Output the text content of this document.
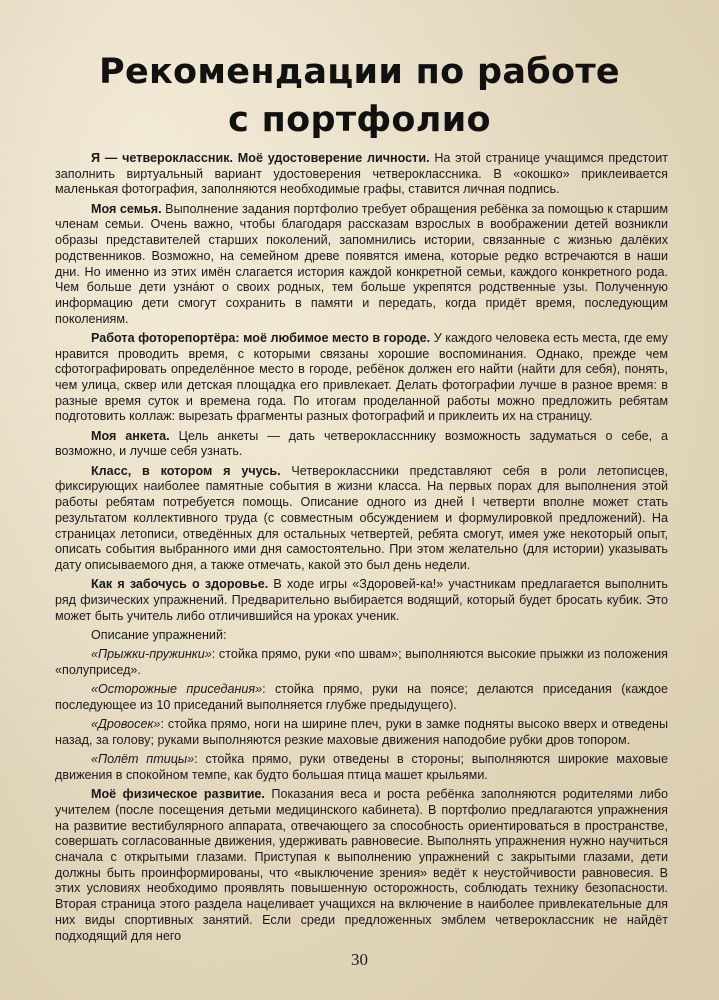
Рекомендации по работе
с портфолио

Я — четвероклассник. Моё удостоверение личности. На этой странице учащимся предстоит заполнить виртуальный вариант удостоверения четвероклассника. В «окошко» приклеивается маленькая фотография, заполняются необходимые графы, ставится личная подпись.

Моя семья. Выполнение задания портфолио требует обращения ребёнка за помощью к старшим членам семьи. Очень важно, чтобы благодаря рассказам взрослых в воображении детей возникли образы представителей старших поколений, запомнились истории, связанные с жизнью далёких родственников. Возможно, на семейном древе появятся имена, которые редко встречаются в наши дни. Но именно из этих имён слагается история каждой конкретной семьи, каждого конкретного рода. Чем больше дети узнáют о своих родных, тем больше укрепятся родственные узы. Полученную информацию дети смогут сохранить в памяти и передать, когда придёт время, последующим поколениям.

Работа фоторепортёра: моё любимое место в городе. У каждого человека есть места, где ему нравится проводить время, с которыми связаны хорошие воспоминания. Однако, прежде чем сфотографировать определённое место в городе, ребёнок должен его найти (найти для себя), понять, чем улица, сквер или детская площадка его привлекает. Делать фотографии лучше в разное время: в разные время суток и времена года. По итогам проделанной работы можно предложить ребятам подготовить коллаж: вырезать фрагменты разных фотографий и приклеить их на страницу.

Моя анкета. Цель анкеты — дать четвероклассннику возможность задуматься о себе, а возможно, и лучше себя узнать.

Класс, в котором я учусь. Четвероклассники представляют себя в роли летописцев, фиксирующих наиболее памятные события в жизни класса. На первых порах для выполнения этой работы ребятам потребуется помощь. Описание одного из дней I четверти вполне может стать результатом коллективного труда (с совместным обсуждением и формулировкой предложений). На страницах летописи, отведённых для остальных четвертей, ребята смогут, имея уже некоторый опыт, описать события выбранного ими дня самостоятельно. При этом желательно (для истории) указывать дату описываемого дня, а также отмечать, какой это был день недели.

Как я забочусь о здоровье. В ходе игры «Здоровей-ка!» участникам предлагается выполнить ряд физических упражнений. Предварительно выбирается водящий, который будет бросать кубик. Это может быть учитель либо отличившийся на уроках ученик.

Описание упражнений:

«Прыжки-пружинки»: стойка прямо, руки «по швам»; выполняются высокие прыжки из положения «полуприсед».

«Осторожные приседания»: стойка прямо, руки на поясе; делаются приседания (каждое последующее из 10 приседаний выполняется глубже предыдущего).

«Дровосек»: стойка прямо, ноги на ширине плеч, руки в замке подняты высоко вверх и отведены назад, за голову; руками выполняются резкие маховые движения наподобие рубки дров топором.

«Полёт птицы»: стойка прямо, руки отведены в стороны; выполняются широкие маховые движения в спокойном темпе, как будто большая птица машет крыльями.

Моё физическое развитие. Показания веса и роста ребёнка заполняются родителями либо учителем (после посещения детьми медицинского кабинета). В портфолио предлагаются упражнения на развитие вестибулярного аппарата, отвечающего за способность ориентироваться в пространстве, совершать согласованные движения, удерживать равновесие. Выполнять упражнения нужно научиться сначала с открытыми глазами. Приступая к выполнению упражнений с закрытыми глазами, дети должны быть проинформированы, что «выключение зрения» ведёт к неустойчивости равновесия. В этих условиях необходимо проявлять повышенную осторожность, соблюдать технику безопасности. Вторая страница этого раздела нацеливает учащихся на включение в наиболее привлекательные для них виды спортивных занятий. Если среди предложенных эмблем четвероклассник не найдёт подходящий для него

30
